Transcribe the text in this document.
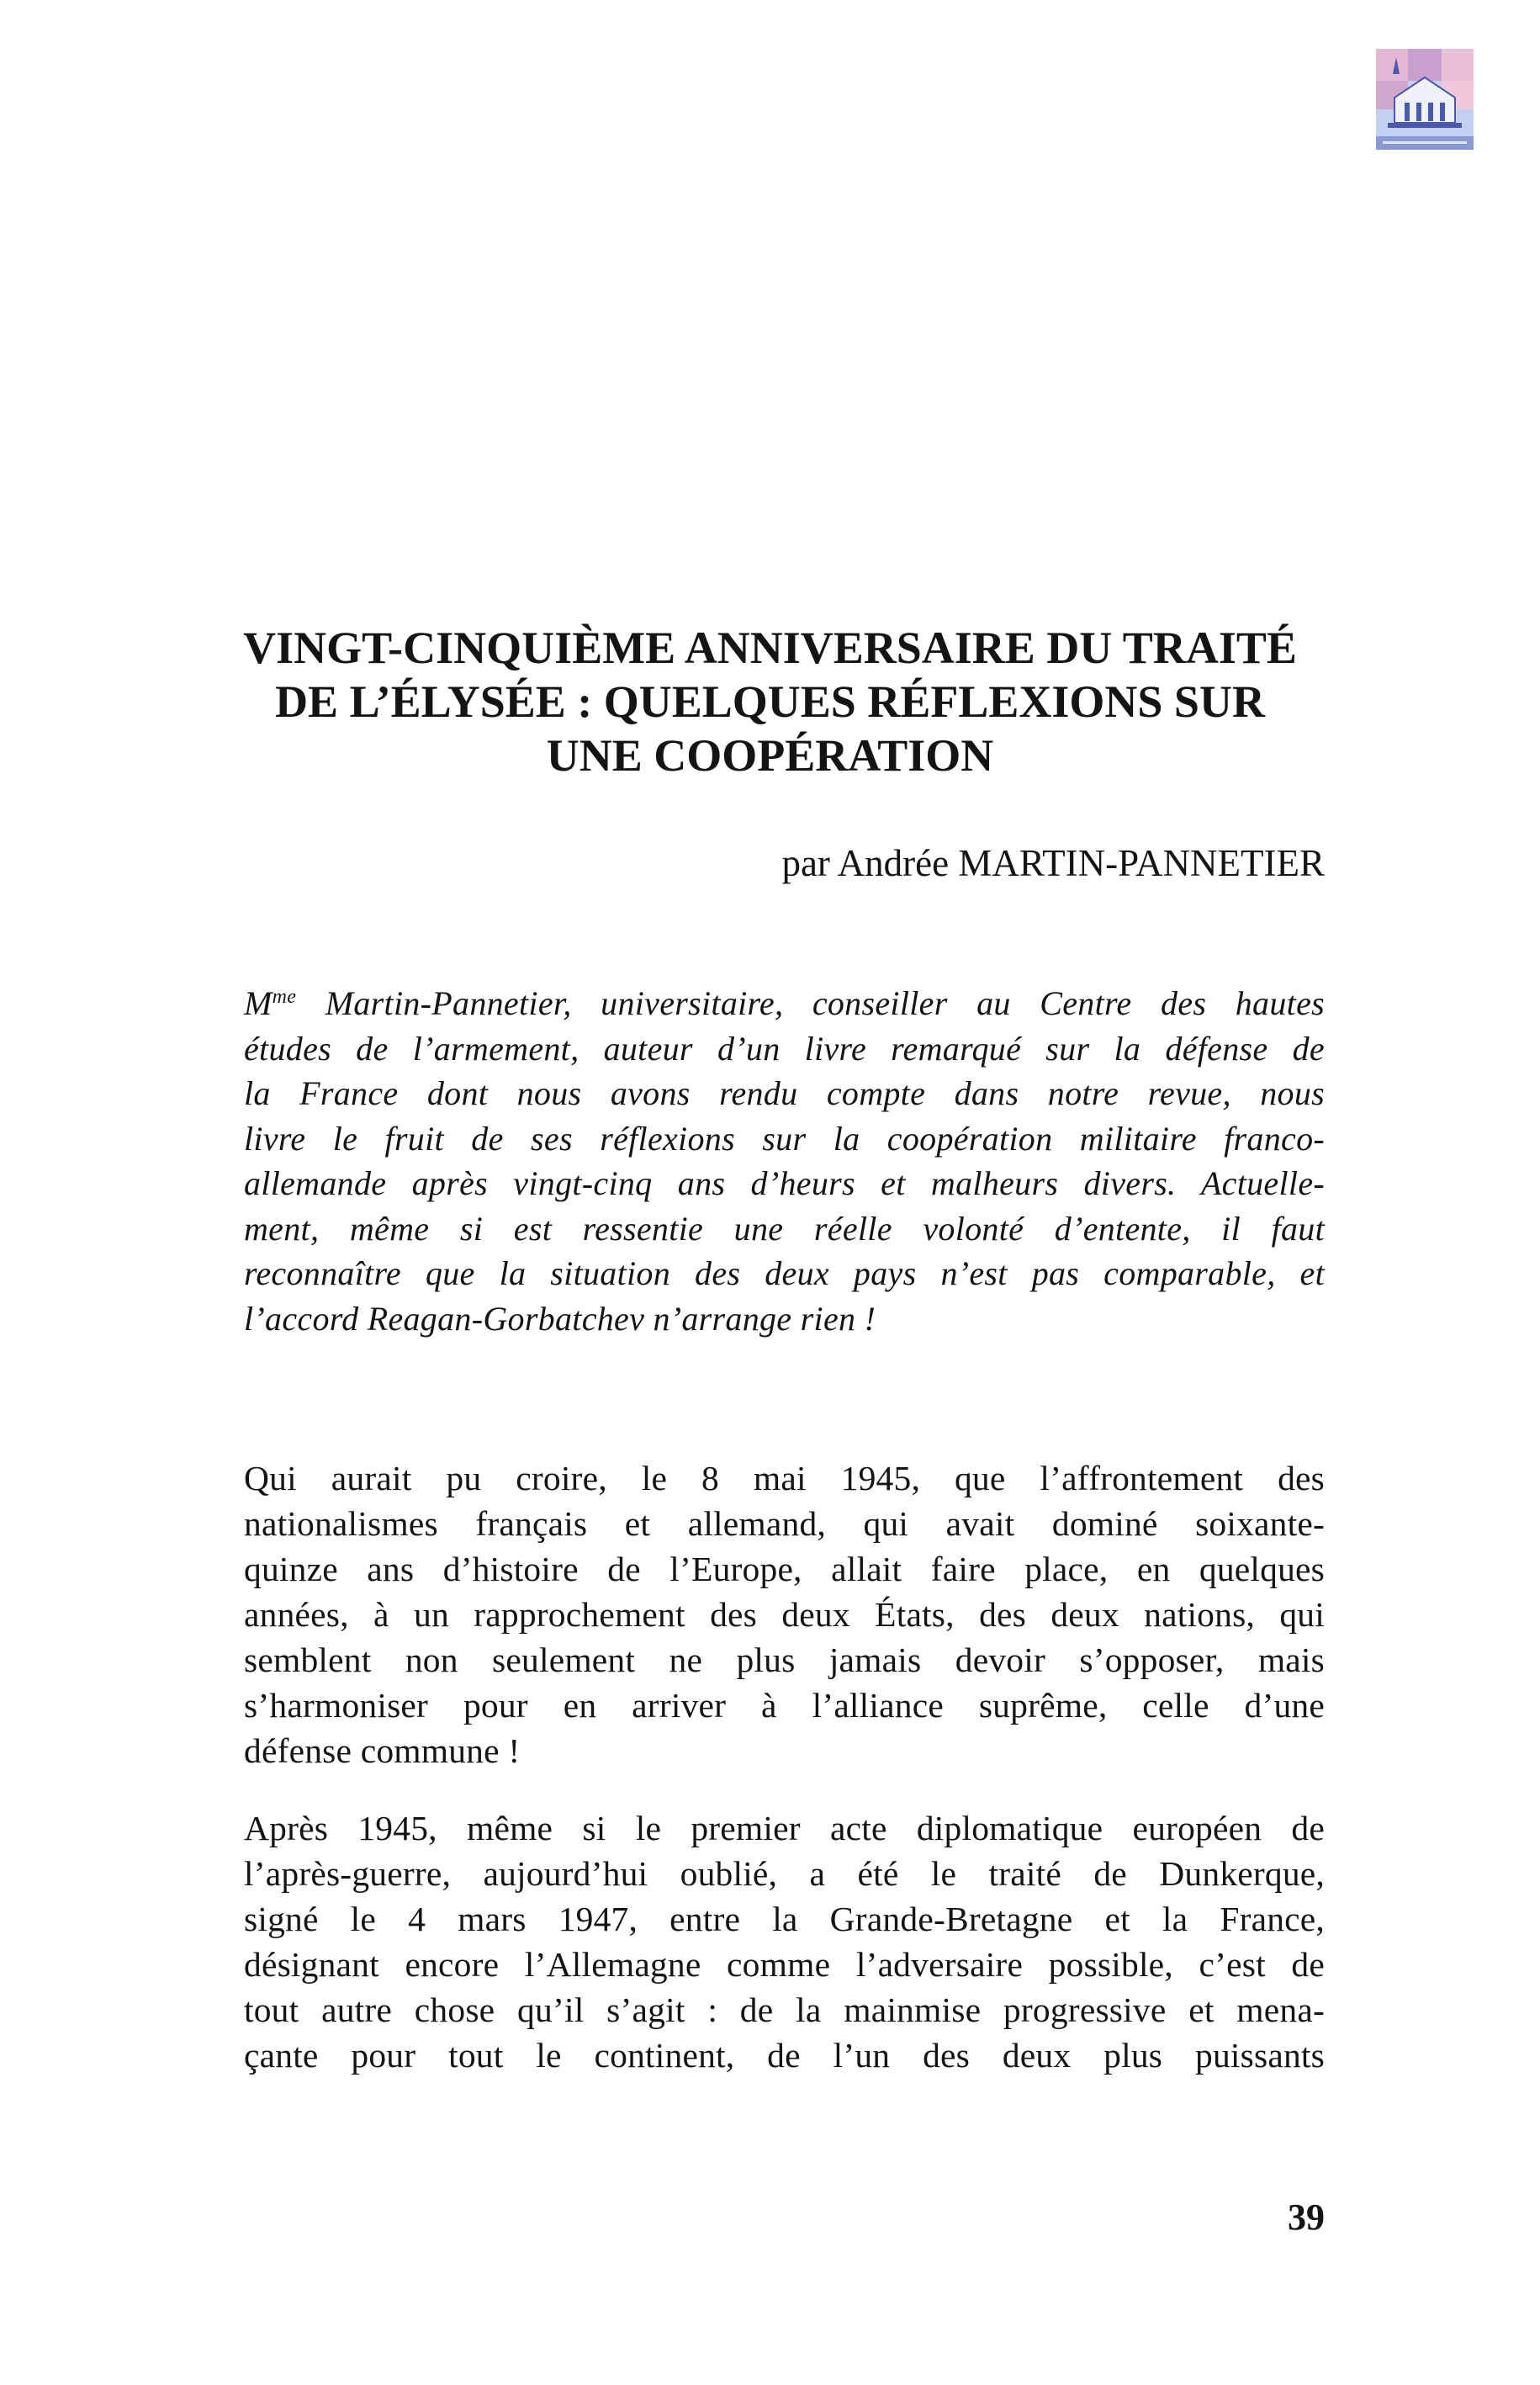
VINGT-CINQUIÈME ANNIVERSAIRE DU TRAITÉ
DE L’ÉLYSÉE : QUELQUES RÉFLEXIONS SUR
UNE COOPÉRATION
par Andrée MARTIN-PANNETIER
$M^{me}$ Martin-Pannetier, universitaire, conseiller au Centre des hautes
études de l’armement, auteur d’un livre remarqué sur la défense de
la France dont nous avons rendu compte dans notre revue, nous
livre le fruit de ses réflexions sur la coopération militaire franco-
allemande après vingt-cinq ans d’heurs et malheurs divers. Actuelle-
ment, même si est ressentie une réelle volonté d’entente, il faut
reconnaître que la situation des deux pays n’est pas comparable, et
l’accord Reagan-Gorbatchev n’arrange rien !
Qui aurait pu croire, le 8 mai 1945, que l’affrontement des
nationalismes français et allemand, qui avait dominé soixante-
quinze ans d’histoire de l’Europe, allait faire place, en quelques
années, à un rapprochement des deux États, des deux nations, qui
semblent non seulement ne plus jamais devoir s’opposer, mais
s’harmoniser pour en arriver à l’alliance suprême, celle d’une
défense commune !
Après 1945, même si le premier acte diplomatique européen de
l’après-guerre, aujourd’hui oublié, a été le traité de Dunkerque,
signé le 4 mars 1947, entre la Grande-Bretagne et la France,
désignant encore l’Allemagne comme l’adversaire possible, c’est de
tout autre chose qu’il s’agit : de la mainmise progressive et mena-
çante pour tout le continent, de l’un des deux plus puissants
39
